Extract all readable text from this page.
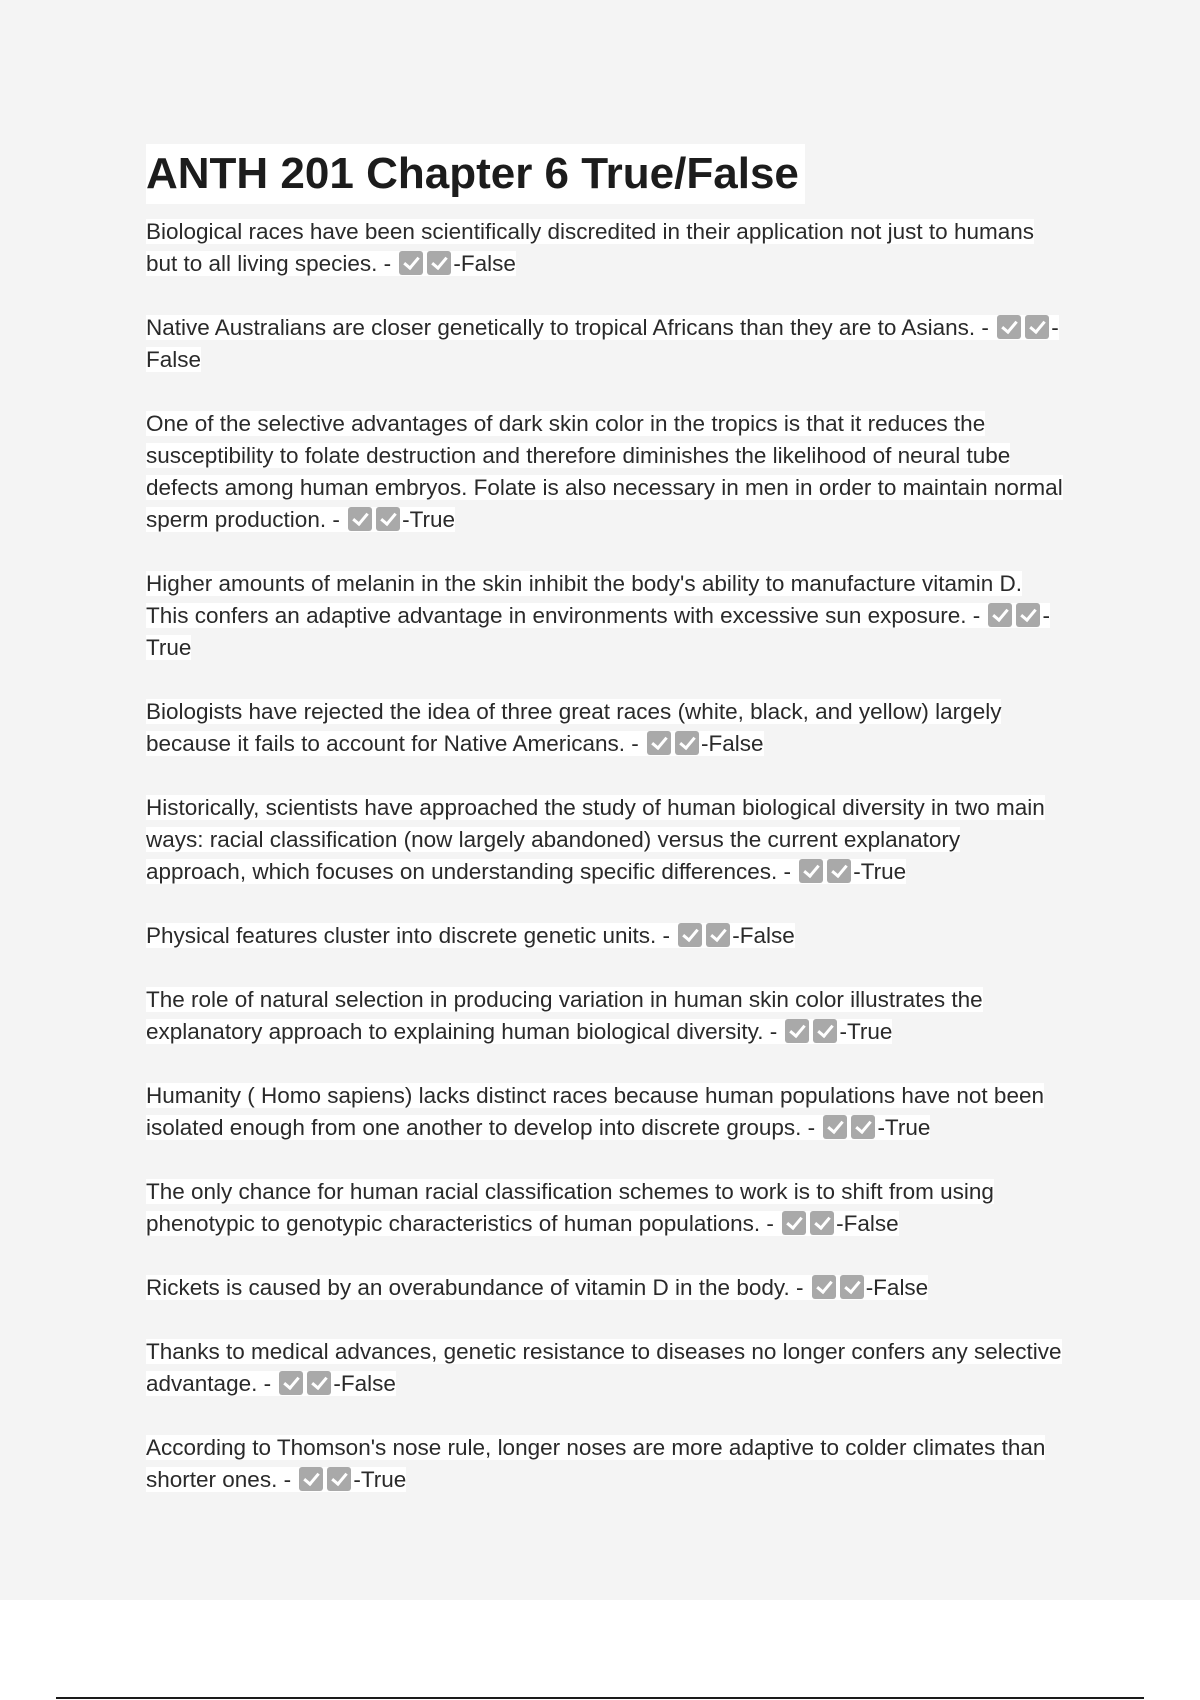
ANTH 201 Chapter 6 True/False
Biological races have been scientifically discredited in their application not just to humans but to all living species. - -False
Native Australians are closer genetically to tropical Africans than they are to Asians. - -False
One of the selective advantages of dark skin color in the tropics is that it reduces the susceptibility to folate destruction and therefore diminishes the likelihood of neural tube defects among human embryos. Folate is also necessary in men in order to maintain normal sperm production. - -True
Higher amounts of melanin in the skin inhibit the body's ability to manufacture vitamin D. This confers an adaptive advantage in environments with excessive sun exposure. - -True
Biologists have rejected the idea of three great races (white, black, and yellow) largely because it fails to account for Native Americans. - -False
Historically, scientists have approached the study of human biological diversity in two main ways: racial classification (now largely abandoned) versus the current explanatory approach, which focuses on understanding specific differences. - -True
Physical features cluster into discrete genetic units. - -False
The role of natural selection in producing variation in human skin color illustrates the explanatory approach to explaining human biological diversity. - -True
Humanity ( Homo sapiens) lacks distinct races because human populations have not been isolated enough from one another to develop into discrete groups. - -True
The only chance for human racial classification schemes to work is to shift from using phenotypic to genotypic characteristics of human populations. - -False
Rickets is caused by an overabundance of vitamin D in the body. - -False
Thanks to medical advances, genetic resistance to diseases no longer confers any selective advantage. - -False
According to Thomson's nose rule, longer noses are more adaptive to colder climates than shorter ones. - -True
